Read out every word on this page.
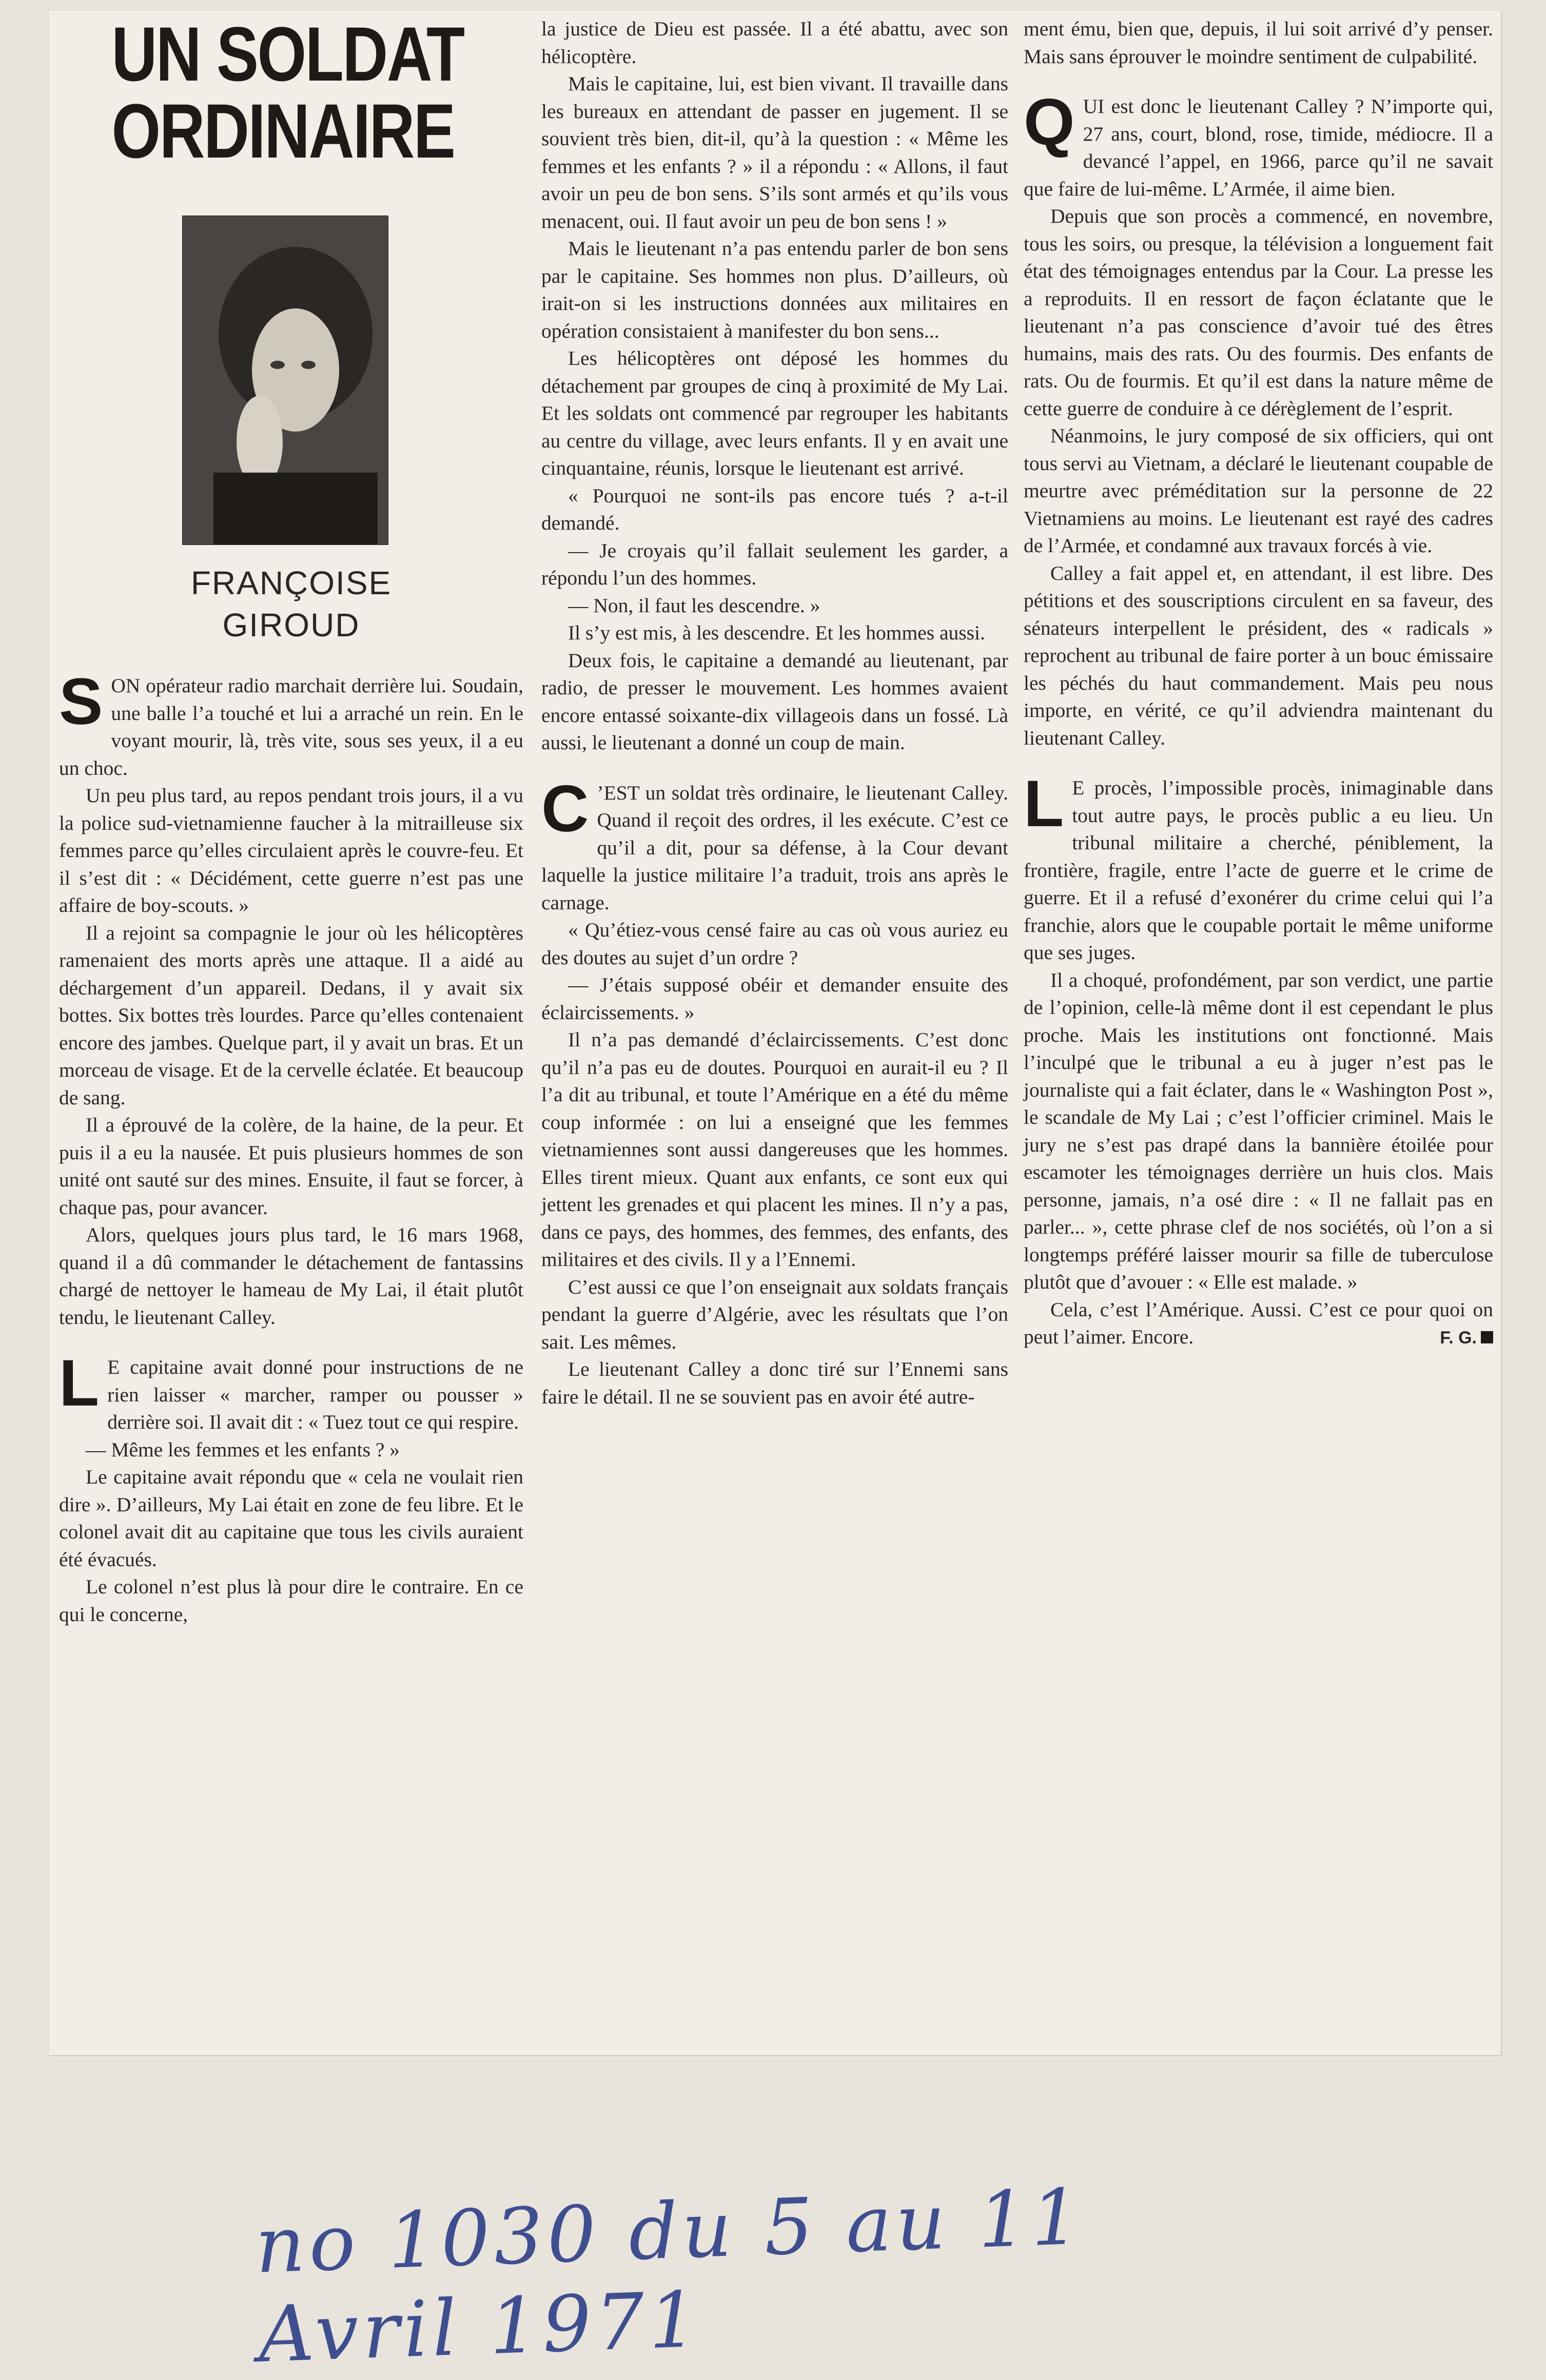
UN SOLDAT
ORDINAIRE
FRANÇOISE
GIROUD

SON opérateur radio marchait derrière lui. Soudain, une balle l’a touché et lui a arraché un rein. En le voyant mourir, là, très vite, sous ses yeux, il a eu un choc.

Un peu plus tard, au repos pendant trois jours, il a vu la police sud-vietnamienne faucher à la mitrailleuse six femmes parce qu’elles circulaient après le couvre-feu. Et il s’est dit : « Décidément, cette guerre n’est pas une affaire de boy-scouts. »

Il a rejoint sa compagnie le jour où les hélicoptères ramenaient des morts après une attaque. Il a aidé au déchargement d’un appareil. Dedans, il y avait six bottes. Six bottes très lourdes. Parce qu’elles contenaient encore des jambes. Quelque part, il y avait un bras. Et un morceau de visage. Et de la cervelle éclatée. Et beaucoup de sang.

Il a éprouvé de la colère, de la haine, de la peur. Et puis il a eu la nausée. Et puis plusieurs hommes de son unité ont sauté sur des mines. Ensuite, il faut se forcer, à chaque pas, pour avancer.

Alors, quelques jours plus tard, le 16 mars 1968, quand il a dû commander le détachement de fantassins chargé de nettoyer le hameau de My Lai, il était plutôt tendu, le lieutenant Calley.

L E capitaine avait donné pour instructions de ne rien laisser « marcher, ramper ou pousser » derrière soi. Il avait dit : « Tuez tout ce qui respire.

— Même les femmes et les enfants ? »

Le capitaine avait répondu que « cela ne voulait rien dire ». D’ailleurs, My Lai était en zone de feu libre. Et le colonel avait dit au capitaine que tous les civils auraient été évacués.

Le colonel n’est plus là pour dire le contraire. En ce qui le concerne,

la justice de Dieu est passée. Il a été abattu, avec son hélicoptère.

Mais le capitaine, lui, est bien vivant. Il travaille dans les bureaux en attendant de passer en jugement. Il se souvient très bien, dit-il, qu’à la question : « Même les femmes et les enfants ? » il a répondu : « Allons, il faut avoir un peu de bon sens. S’ils sont armés et qu’ils vous menacent, oui. Il faut avoir un peu de bon sens ! »

Mais le lieutenant n’a pas entendu parler de bon sens par le capitaine. Ses hommes non plus. D’ailleurs, où irait-on si les instructions données aux militaires en opération consistaient à manifester du bon sens...

Les hélicoptères ont déposé les hommes du détachement par groupes de cinq à proximité de My Lai. Et les soldats ont commencé par regrouper les habitants au centre du village, avec leurs enfants. Il y en avait une cinquantaine, réunis, lorsque le lieutenant est arrivé.

« Pourquoi ne sont-ils pas encore tués ? a-t-il demandé.

— Je croyais qu’il fallait seulement les garder, a répondu l’un des hommes.

— Non, il faut les descendre. »

Il s’y est mis, à les descendre. Et les hommes aussi.

Deux fois, le capitaine a demandé au lieutenant, par radio, de presser le mouvement. Les hommes avaient encore entassé soixante-dix villageois dans un fossé. Là aussi, le lieutenant a donné un coup de main.

C ’EST un soldat très ordinaire, le lieutenant Calley. Quand il reçoit des ordres, il les exécute. C’est ce qu’il a dit, pour sa défense, à la Cour devant laquelle la justice militaire l’a traduit, trois ans après le carnage.

« Qu’étiez-vous censé faire au cas où vous auriez eu des doutes au sujet d’un ordre ?

— J’étais supposé obéir et demander ensuite des éclaircissements. »

Il n’a pas demandé d’éclaircissements. C’est donc qu’il n’a pas eu de doutes. Pourquoi en aurait-il eu ? Il l’a dit au tribunal, et toute l’Amérique en a été du même coup informée : on lui a enseigné que les femmes vietnamiennes sont aussi dangereuses que les hommes. Elles tirent mieux. Quant aux enfants, ce sont eux qui jettent les grenades et qui placent les mines. Il n’y a pas, dans ce pays, des hommes, des femmes, des enfants, des militaires et des civils. Il y a l’Ennemi.

C’est aussi ce que l’on enseignait aux soldats français pendant la guerre d’Algérie, avec les résultats que l’on sait. Les mêmes.

Le lieutenant Calley a donc tiré sur l’Ennemi sans faire le détail. Il ne se souvient pas en avoir été autre-

ment ému, bien que, depuis, il lui soit arrivé d’y penser. Mais sans éprouver le moindre sentiment de culpabilité.

QUI est donc le lieutenant Calley ? N’importe qui, 27 ans, court, blond, rose, timide, médiocre. Il a devancé l’appel, en 1966, parce qu’il ne savait que faire de lui-même. L’Armée, il aime bien.

Depuis que son procès a commencé, en novembre, tous les soirs, ou presque, la télévision a longuement fait état des témoignages entendus par la Cour. La presse les a reproduits. Il en ressort de façon éclatante que le lieutenant n’a pas conscience d’avoir tué des êtres humains, mais des rats. Ou des fourmis. Des enfants de rats. Ou de fourmis. Et qu’il est dans la nature même de cette guerre de conduire à ce dérèglement de l’esprit.

Néanmoins, le jury composé de six officiers, qui ont tous servi au Vietnam, a déclaré le lieutenant coupable de meurtre avec préméditation sur la personne de 22 Vietnamiens au moins. Le lieutenant est rayé des cadres de l’Armée, et condamné aux travaux forcés à vie.

Calley a fait appel et, en attendant, il est libre. Des pétitions et des souscriptions circulent en sa faveur, des sénateurs interpellent le président, des « radicals » reprochent au tribunal de faire porter à un bouc émissaire les péchés du haut commandement. Mais peu nous importe, en vérité, ce qu’il adviendra maintenant du lieutenant Calley.

L E procès, l’impossible procès, inimaginable dans tout autre pays, le procès public a eu lieu. Un tribunal militaire a cherché, péniblement, la frontière, fragile, entre l’acte de guerre et le crime de guerre. Et il a refusé d’exonérer du crime celui qui l’a franchie, alors que le coupable portait le même uniforme que ses juges.

Il a choqué, profondément, par son verdict, une partie de l’opinion, celle-là même dont il est cependant le plus proche. Mais les institutions ont fonctionné. Mais l’inculpé que le tribunal a eu à juger n’est pas le journaliste qui a fait éclater, dans le « Washington Post », le scandale de My Lai ; c’est l’officier criminel. Mais le jury ne s’est pas drapé dans la bannière étoilée pour escamoter les témoignages derrière un huis clos. Mais personne, jamais, n’a osé dire : « Il ne fallait pas en parler... », cette phrase clef de nos sociétés, où l’on a si longtemps préféré laisser mourir sa fille de tuberculose plutôt que d’avouer : « Elle est malade. »

Cela, c’est l’Amérique. Aussi. C’est ce pour quoi on peut l’aimer. Encore.	F. G.
no 1030 du 5 au 11 Avril 1971
